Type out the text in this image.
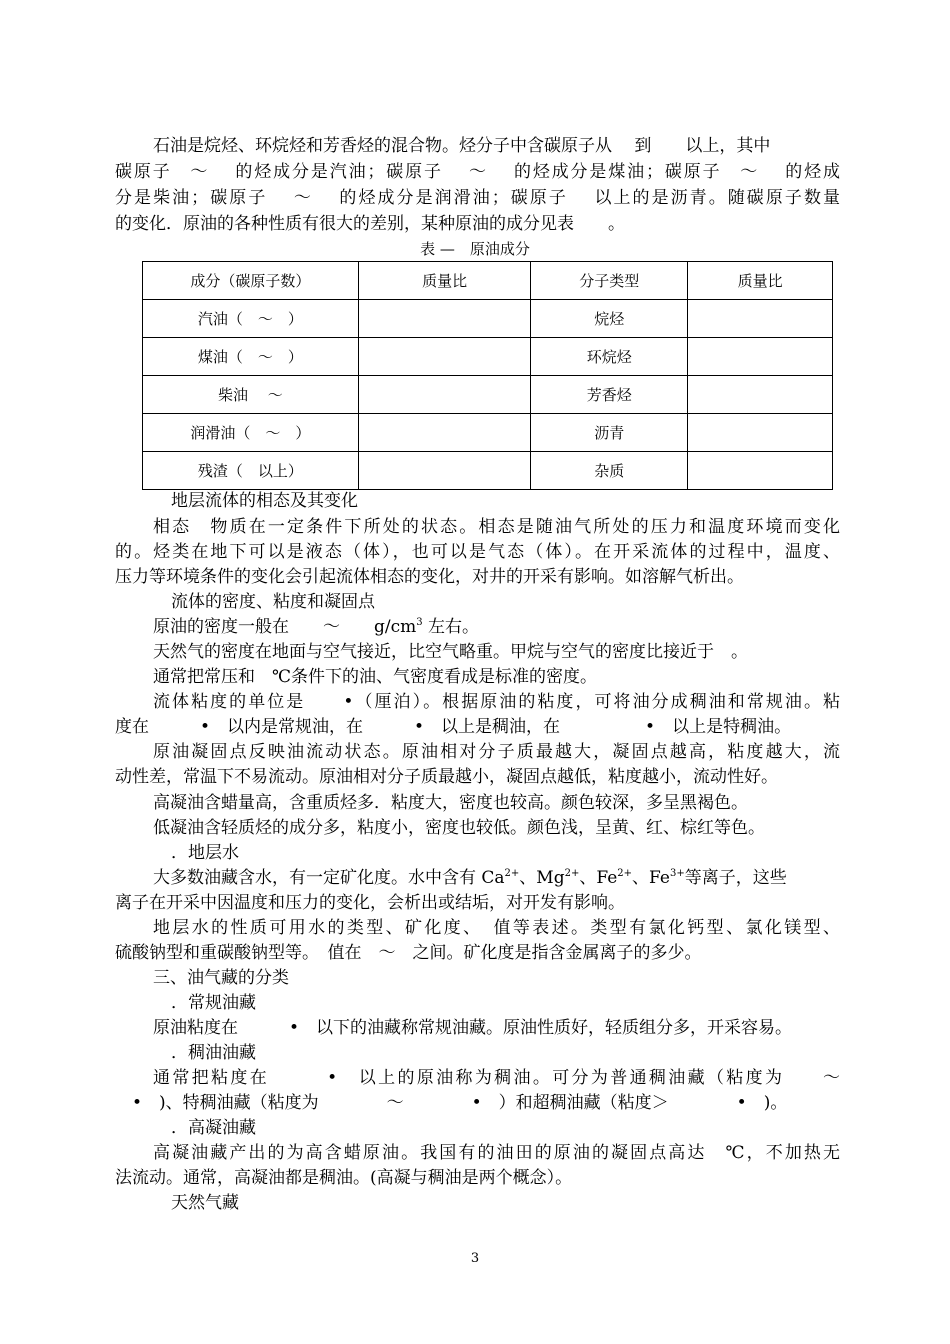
石油是烷烃、环烷烃和芳香烃的混合物。烃分子中含碳原子从　 到　　以上，其中
碳原子　～　 的烃成分是汽油；碳原子　 ～　 的烃成分是煤油；碳原子　～　 的烃成
分是柴油；碳原子　 ～　 的烃成分是润滑油；碳原子　 以上的是沥青。随碳原子数量
的变化．原油的各种性质有很大的差别，某种原油的成分见表　　。
表 —　原油成分
成分（碳原子数）	质量比	分子类型	质量比
汽油（　～　）		烷烃	
煤油（　～　）		环烷烃	
柴油　 ～		芳香烃	
润滑油（　～　）		沥青	
残渣（　以上）		杂质	
地层流体的相态及其变化
相态　物质在一定条件下所处的状态。相态是随油气所处的压力和温度环境而变化
的。烃类在地下可以是液态（体），也可以是气态（体）。在开采流体的过程中，温度、
压力等环境条件的变化会引起流体相态的变化，对井的开采有影响。如溶解气析出。
流体的密度、粘度和凝固点
原油的密度一般在　　～　　$g/cm^3$ 左右。
天然气的密度在地面与空气接近，比空气略重。甲烷与空气的密度比接近于　。
通常把常压和　℃条件下的油、气密度看成是标准的密度。
流体粘度的单位是　　•（厘泊）。根据原油的粘度，可将油分成稠油和常规油。粘
度在　　　•　以内是常规油，在　　　•　以上是稠油，在　　　　　•　以上是特稠油。
原油凝固点反映油流动状态。原油相对分子质最越大，凝固点越高，粘度越大，流
动性差，常温下不易流动。原油相对分子质最越小，凝固点越低，粘度越小，流动性好。
高凝油含蜡量高，含重质烃多．粘度大，密度也较高。颜色较深，多呈黑褐色。
低凝油含轻质烃的成分多，粘度小，密度也较低。颜色浅，呈黄、红、棕红等色。
．地层水
大多数油藏含水，有一定矿化度。水中含有 $Ca^{2+}$、$Mg^{2+}$、$Fe^{2+}$、$Fe^{3+}$等离子，这些
离子在开采中因温度和压力的变化，会析出或结垢，对开发有影响。
地层水的性质可用水的类型、矿化度、　值等表述。类型有氯化钙型、氯化镁型、
硫酸钠型和重碳酸钠型等。　值在　～　之间。矿化度是指含金属离子的多少。
三、油气藏的分类
．常规油藏
原油粘度在　　　•　以下的油藏称常规油藏。原油性质好，轻质组分多，开采容易。
．稠油油藏
通常把粘度在　　　•　以上的原油称为稠油。可分为普通稠油藏（粘度为　　～
　•　)、特稠油藏（粘度为　　　　～　　　　•　）和超稠油藏（粘度＞　　　　•　)。
．高凝油藏
高凝油藏产出的为高含蜡原油。我国有的油田的原油的凝固点高达　℃，不加热无
法流动。通常，高凝油都是稠油。(高凝与稠油是两个概念）。
天然气藏
3
